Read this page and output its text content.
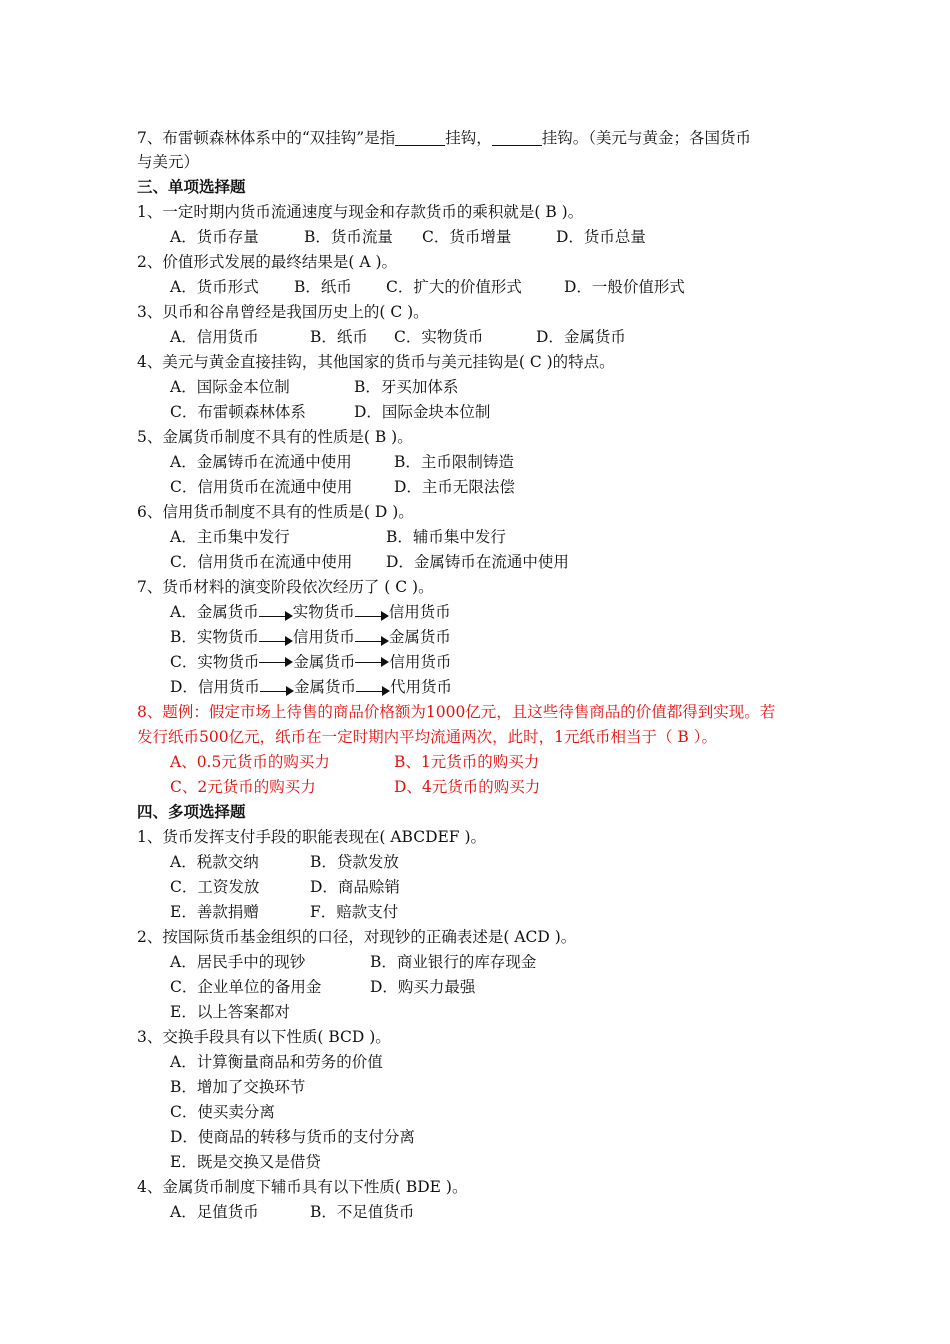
7、布雷顿森林体系中的“双挂钩”是指	挂钩，	挂钩。（美元与黄金；各国货币
与美元）
三、单项选择题
1、一定时期内货币流通速度与现金和存款货币的乘积就是( B )。
A．货币存量	B．货币流量 C．货币增量	D．货币总量
2、价值形式发展的最终结果是( A )。
A．货币形式 B．纸币 C．扩大的价值形式	D．一般价值形式
3、贝币和谷帛曾经是我国历史上的( C )。
A．信用货币	B．纸币 C．实物货币	D．金属货币
4、美元与黄金直接挂钩，其他国家的货币与美元挂钩是( C )的特点。
A．国际金本位制	B．牙买加体系
C．布雷顿森林体系	D．国际金块本位制
5、金属货币制度不具有的性质是( B )。
A．金属铸币在流通中使用	B．主币限制铸造
C．信用货币在流通中使用	D．主币无限法偿
6、信用货币制度不具有的性质是( D )。
A．主币集中发行	B．辅币集中发行
C．信用货币在流通中使用 D．金属铸币在流通中使用
7、货币材料的演变阶段依次经历了 ( C )。
A．金属货币 实物货币 信用货币
B．实物货币 信用货币 金属货币
C．实物货币 金属货币 信用货币
D．信用货币 金属货币 代用货币
8、题例：假定市场上待售的商品价格额为1000亿元，且这些待售商品的价值都得到实现。若
发行纸币500亿元，纸币在一定时期内平均流通两次，此时，1元纸币相当于（ B ）。
A、0.5元货币的购买力	B、1元货币的购买力
C、2元货币的购买力	D、4元货币的购买力
四、多项选择题
1、货币发挥支付手段的职能表现在( ABCDEF )。
A．税款交纳	B．贷款发放
C．工资发放	D．商品赊销
E．善款捐赠	F．赔款支付
2、按国际货币基金组织的口径，对现钞的正确表述是( ACD )。
A．居民手中的现钞	B．商业银行的库存现金
C．企业单位的备用金	D．购买力最强
E．以上答案都对
3、交换手段具有以下性质( BCD )。
A．计算衡量商品和劳务的价值
B．增加了交换环节
C．使买卖分离
D．使商品的转移与货币的支付分离
E．既是交换又是借贷
4、金属货币制度下辅币具有以下性质( BDE )。
A．足值货币	B．不足值货币
